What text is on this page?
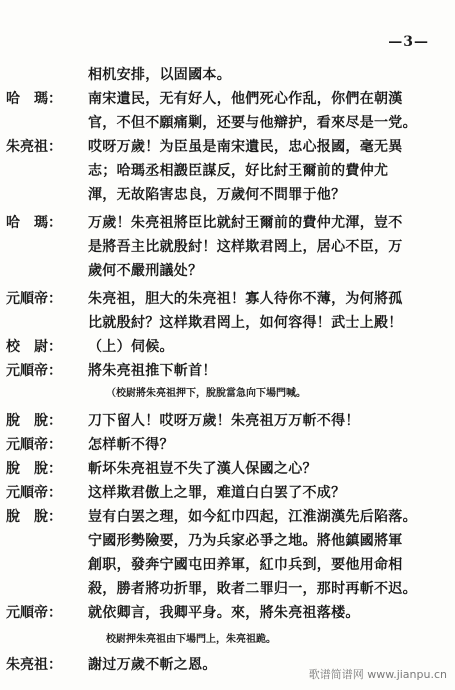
—3—
相机安排，以固國本。
哈　瑪：	南宋遺民，无有好人，他們死心作乱，你們在朝漢
官，不但不願痛剿，还要与他辯护，看來尽是一党。
朱亮祖：	哎呀万歲！为臣虽是南宋遺民，忠心报國，毫无異
志；哈瑪丞相譭臣謀反，好比紂王爾前的費仲尤
渾，无故陷害忠良，万歲何不問罪于他？
哈　瑪：	万歲！朱亮祖將臣比就紂王爾前的費仲尤渾，豈不
是將吾主比就殷紂！这样欺君罔上，居心不臣，万
歲何不嚴刑議处？
元順帝：	朱亮祖，胆大的朱亮祖！寡人待你不薄，为何將孤
比就殷紂？这样欺君罔上，如何容得！武士上殿！
校　尉：	（上）伺候。
元順帝：	將朱亮祖推下斬首！
脫　脫：	刀下留人！哎呀万歲！朱亮祖万万斬不得！
元順帝：	怎样斬不得？
脫　脫：	斬坏朱亮祖豈不失了漢人保國之心？
元順帝：	这样欺君傲上之罪，难道白白罢了不成？
脫　脫：	豈有白罢之理，如今紅巾四起，江淮湖漢先后陷落。
宁國形勢險要，乃为兵家必爭之地。將他鎮國將軍
創职，發奔宁國屯田养軍，紅巾兵到，要他用命相
殺，勝者將功折罪，敗者二罪归一，那时再斬不迟。
元順帝：	就依卿言，我卿平身。來，將朱亮祖落楼。
朱亮祖：	謝过万歲不斬之恩。
（校尉將朱亮祖押下，脫脫當急向下場門喊。
校尉押朱亮祖由下場門上，朱亮祖跪。
歌谱简谱网 www.jianpu.cn
